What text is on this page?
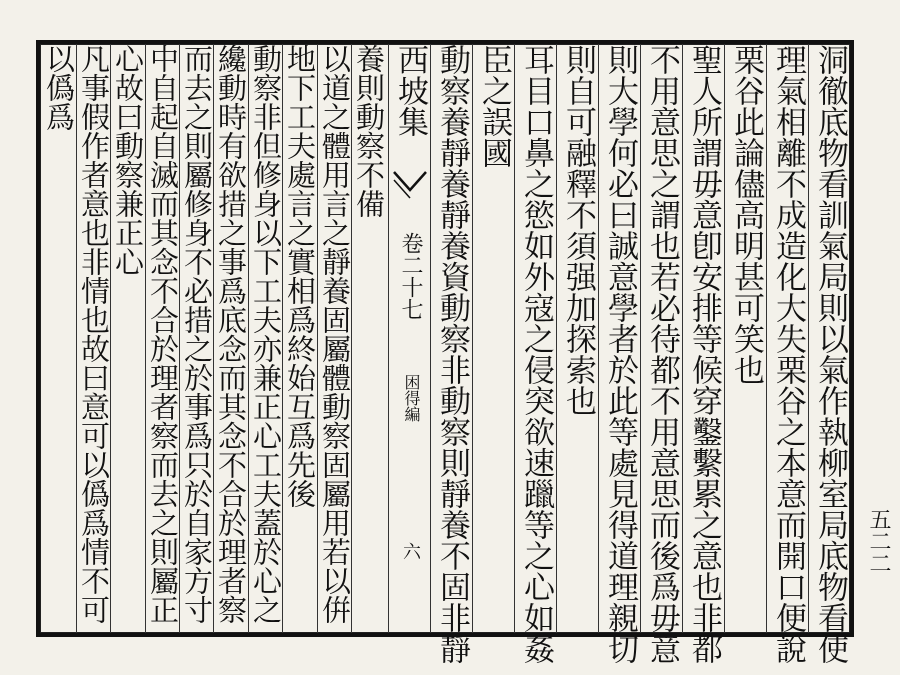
洞徹底物看訓氣局則以氣作執柳室局底物看使
理氣相離不成造化大失栗谷之本意而開口便說
栗谷此論儘高明甚可笑也
聖人所謂毋意卽安排等候穿鑿繫累之意也非都
不用意思之謂也若必待都不用意思而後爲毋意
則大學何必曰誠意學者於此等處見得道理親切
則自可融釋不須强加探索也
耳目口鼻之慾如外寇之侵突欲速躐等之心如姦
臣之誤國
動察養靜養靜養資動察非動察則靜養不固非靜
西坡集
卷二十七
困得編
六	五二二
養則動察不備
以道之體用言之靜養固屬體動察固屬用若以倂
地下工夫處言之實相爲終始互爲先後
動察非但修身以下工夫亦兼正心工夫蓋於心之
纔動時有欲措之事爲底念而其念不合於理者察
而去之則屬修身不必措之於事爲只於自家方寸
中自起自滅而其念不合於理者察而去之則屬正
心故曰動察兼正心
凡事假作者意也非情也故曰意可以僞爲情不可
以僞爲
